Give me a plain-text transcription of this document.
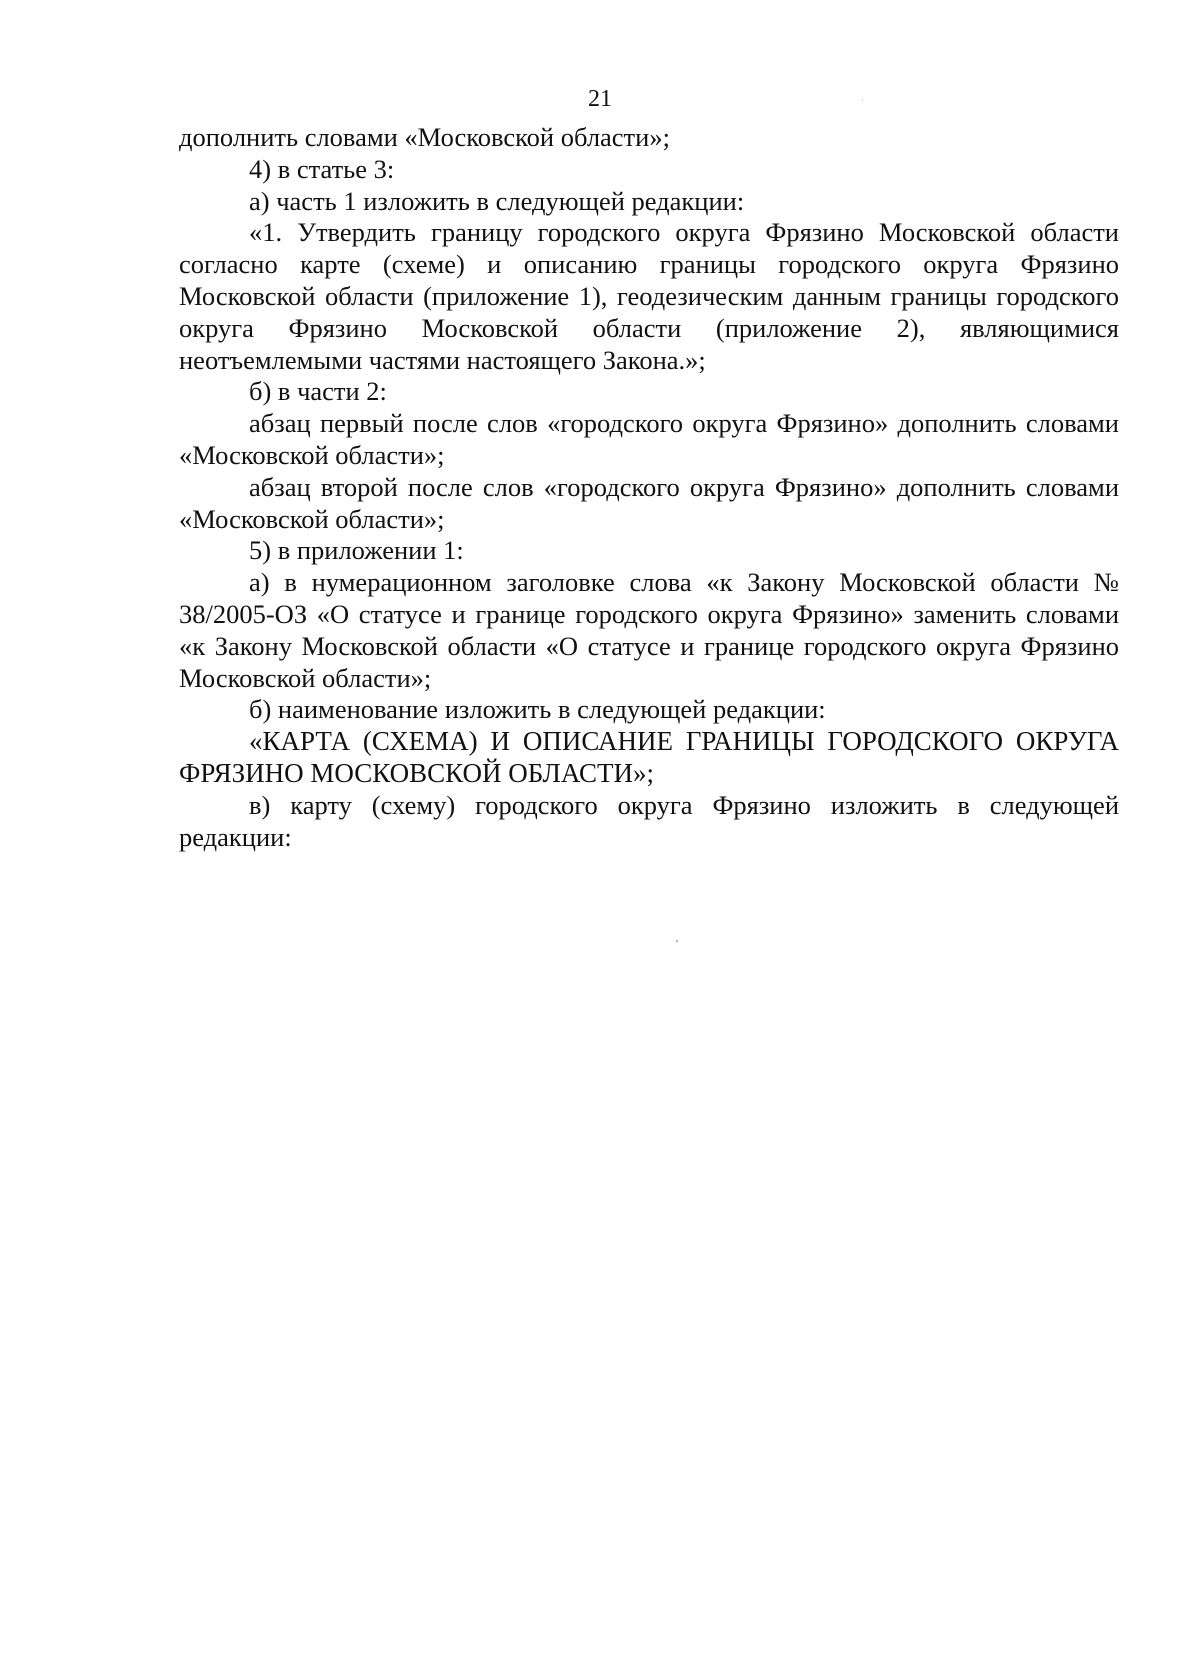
21

дополнить словами «Московской области»;

4) в статье 3:

а) часть 1 изложить в следующей редакции:

«1. Утвердить границу городского округа Фрязино Московской области согласно карте (схеме) и описанию границы городского округа Фрязино Московской области (приложение 1), геодезическим данным границы городского округа Фрязино Московской области (приложение 2), являющимися неотъемлемыми частями настоящего Закона.»;

б) в части 2:

абзац первый после слов «городского округа Фрязино» дополнить словами «Московской области»;

абзац второй после слов «городского округа Фрязино» дополнить словами «Московской области»;

5) в приложении 1:

а) в нумерационном заголовке слова «к Закону Московской области № 38/2005-ОЗ «О статусе и границе городского округа Фрязино» заменить словами «к Закону Московской области «О статусе и границе городского округа Фрязино Московской области»;

б) наименование изложить в следующей редакции:

«КАРТА (СХЕМА) И ОПИСАНИЕ ГРАНИЦЫ ГОРОДСКОГО ОКРУГА ФРЯЗИНО МОСКОВСКОЙ ОБЛАСТИ»;

в) карту (схему) городского округа Фрязино изложить в следующей редакции:
